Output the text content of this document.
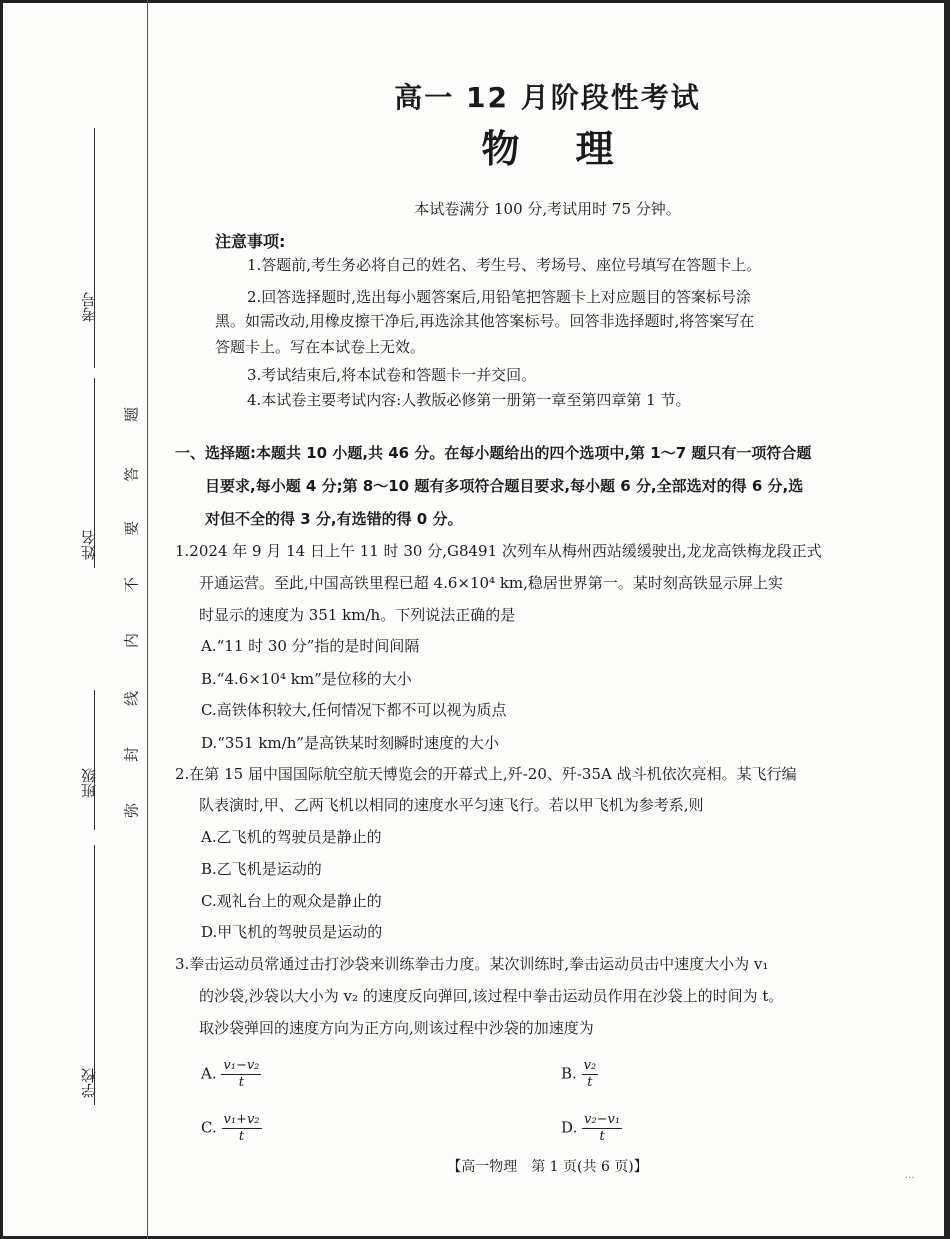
考号
姓名
班级
学校
题
答
要
不
内
线
封
弥
高一 12 月阶段性考试
物理
本试卷满分 100 分,考试用时 75 分钟。
注意事项:
1.答题前,考生务必将自己的姓名、考生号、考场号、座位号填写在答题卡上。
2.回答选择题时,选出每小题答案后,用铅笔把答题卡上对应题目的答案标号涂
黑。如需改动,用橡皮擦干净后,再选涂其他答案标号。回答非选择题时,将答案写在
答题卡上。写在本试卷上无效。
3.考试结束后,将本试卷和答题卡一并交回。
4.本试卷主要考试内容:人教版必修第一册第一章至第四章第 1 节。
一、选择题:本题共 10 小题,共 46 分。在每小题给出的四个选项中,第 1～7 题只有一项符合题
目要求,每小题 4 分;第 8～10 题有多项符合题目要求,每小题 6 分,全部选对的得 6 分,选
对但不全的得 3 分,有选错的得 0 分。
1.2024 年 9 月 14 日上午 11 时 30 分,G8491 次列车从梅州西站缓缓驶出,龙龙高铁梅龙段正式
开通运营。至此,中国高铁里程已超 4.6×10⁴ km,稳居世界第一。某时刻高铁显示屏上实
时显示的速度为 351 km/h。下列说法正确的是
A.“11 时 30 分”指的是时间间隔
B.“4.6×10⁴ km”是位移的大小
C.高铁体积较大,任何情况下都不可以视为质点
D.“351 km/h”是高铁某时刻瞬时速度的大小
2.在第 15 届中国国际航空航天博览会的开幕式上,歼-20、歼-35A 战斗机依次亮相。某飞行编
队表演时,甲、乙两飞机以相同的速度水平匀速飞行。若以甲飞机为参考系,则
A.乙飞机的驾驶员是静止的
B.乙飞机是运动的
C.观礼台上的观众是静止的
D.甲飞机的驾驶员是运动的
3.拳击运动员常通过击打沙袋来训练拳击力度。某次训练时,拳击运动员击中速度大小为 v₁
的沙袋,沙袋以大小为 v₂ 的速度反向弹回,该过程中拳击运动员作用在沙袋上的时间为 t。
取沙袋弹回的速度方向为正方向,则该过程中沙袋的加速度为
A. $\frac{\text{v₁−v₂}}{t}$	B. $\frac{\text{v₂}}{t}$
C. $\frac{\text{v₁+v₂}}{t}$	D. $\frac{\text{v₂−v₁}}{t}$
【高一物理　第 1 页(共 6 页)】
...
